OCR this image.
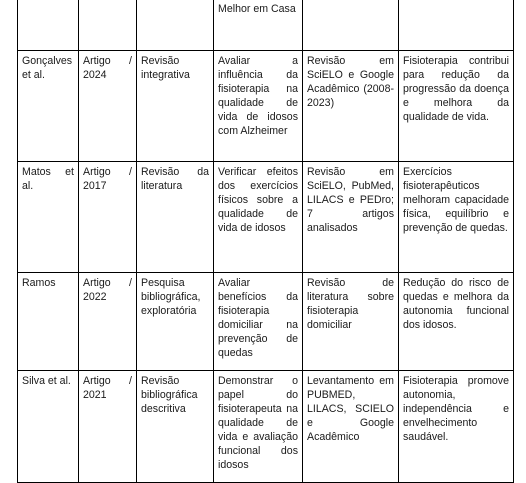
			Melhor em Casa		
Gonçalves et al.	Artigo / 2024	Revisão integrativa	Avaliar a influência da fisioterapia na qualidade de vida de idosos com Alzheimer	Revisão em SciELO e Google Acadêmico (2008-2023)	Fisioterapia contribui para redução da progressão da doença e melhora da qualidade de vida.
Matos et al.	Artigo / 2017	Revisão da literatura	Verificar efeitos dos exercícios físicos sobre a qualidade de vida de idosos	Revisão em SciELO, PubMed, LILACS e PEDro; 7 artigos analisados	Exercícios fisioterapêuticos melhoram capacidade física, equilíbrio e prevenção de quedas.
Ramos	Artigo / 2022	Pesquisa bibliográfica, exploratória	Avaliar benefícios da fisioterapia domiciliar na prevenção de quedas	Revisão de literatura sobre fisioterapia domiciliar	Redução do risco de quedas e melhora da autonomia funcional dos idosos.
Silva et al.	Artigo / 2021	Revisão bibliográfica descritiva	Demonstrar o papel do fisioterapeuta na qualidade de vida e avaliação funcional dos idosos	Levantamento em PUBMED, LILACS, SCIELO e Google Acadêmico	Fisioterapia promove autonomia, independência e envelhecimento saudável.
